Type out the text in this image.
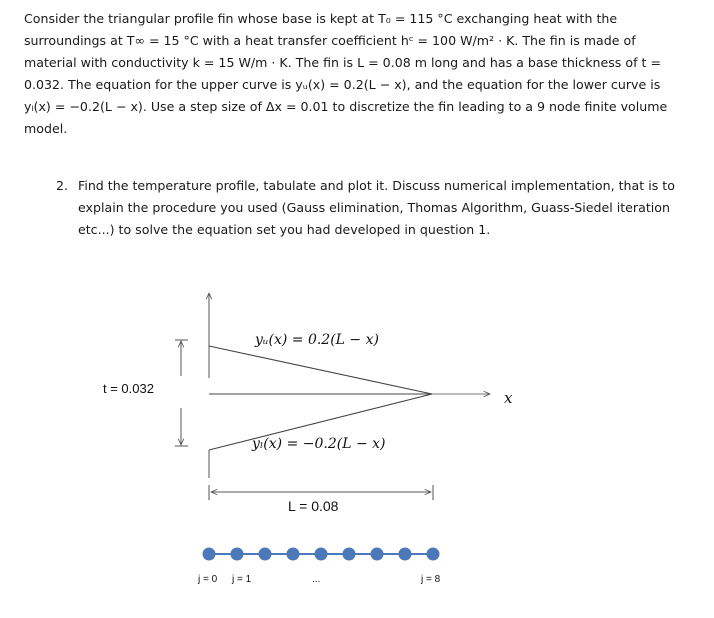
Consider the triangular profile fin whose base is kept at T₀ = 115 °C exchanging heat with the
surroundings at T∞ = 15 °C with a heat transfer coefficient hᶜ = 100 W/m² · K. The fin is made of
material with conductivity k = 15 W/m · K. The fin is L = 0.08 m long and has a base thickness of t =
0.032. The equation for the upper curve is yᵤ(x) = 0.2(L − x), and the equation for the lower curve is
yₗ(x) = −0.2(L − x). Use a step size of Δx = 0.01 to discretize the fin leading to a 9 node finite volume
model.
2. Find the temperature profile, tabulate and plot it. Discuss numerical implementation, that is to
explain the procedure you used (Gauss elimination, Thomas Algorithm, Guass-Siedel iteration
etc...) to solve the equation set you had developed in question 1.
t = 0.032
yᵤ(x) = 0.2(L − x)
yₗ(x) = −0.2(L − x)
x
L = 0.08
j = 0 j = 1	...	j = 8
